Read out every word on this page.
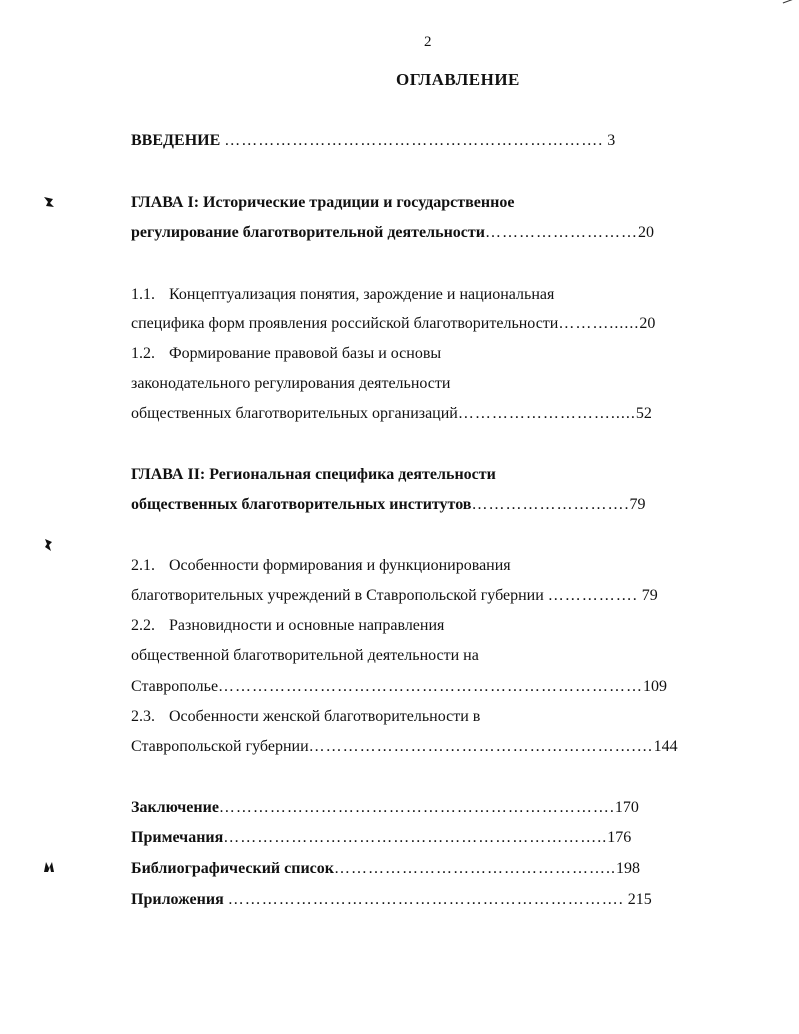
2
ОГЛАВЛЕНИЕ
ВВЕДЕНИЕ …………………………………………………………. 3
ГЛАВА I: Исторические традиции и государственное
регулирование благотворительной деятельности………………………20
1.1. Концептуализация понятия, зарождение и национальная
специфика форм проявления российской благотворительности………......20
1.2. Формирование правовой базы и основы
законодательного регулирования деятельности
общественных благотворительных организаций……………………….....52
ГЛАВА II: Региональная специфика деятельности
общественных благотворительных институтов……………………….79
2.1. Особенности формирования и функционирования
благотворительных учреждений в Ставропольской губернии ……………. 79
2.2. Разновидности и основные направления
общественной благотворительной деятельности на
Ставрополье…………………………………………………………………109
2.3. Особенности женской благотворительности в
Ставропольской губернии………………………………………………….…144
Заключение…………………………………………………………….170
Примечания…………………………………………………………..176
Библиографический список…………………………………………..198
Приложения ……………………………………………………………. 215
